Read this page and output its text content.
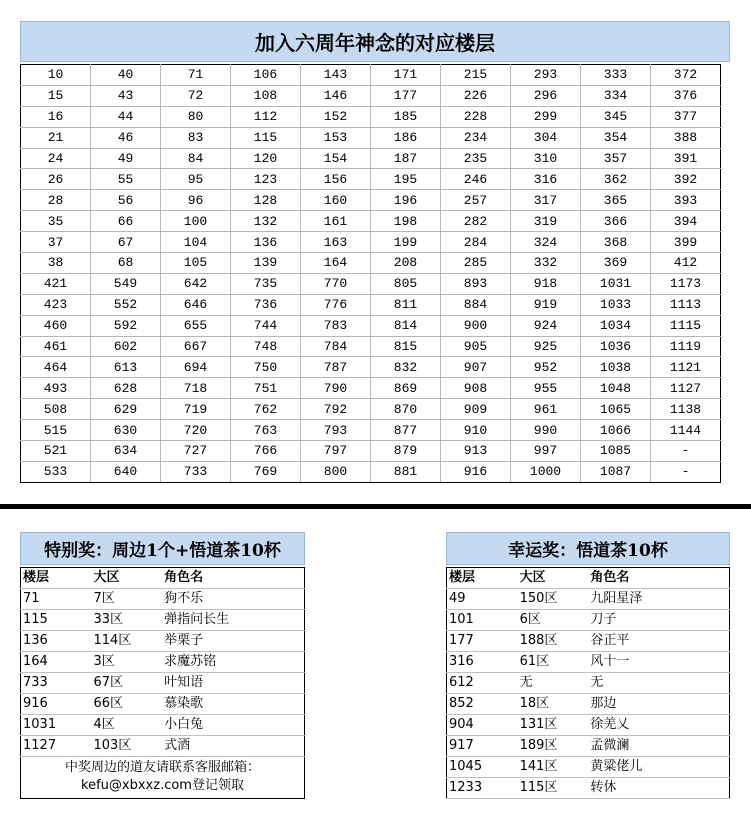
加入六周年神念的对应楼层
10	40	71	106	143	171	215	293	333	372
15	43	72	108	146	177	226	296	334	376
16	44	80	112	152	185	228	299	345	377
21	46	83	115	153	186	234	304	354	388
24	49	84	120	154	187	235	310	357	391
26	55	95	123	156	195	246	316	362	392
28	56	96	128	160	196	257	317	365	393
35	66	100	132	161	198	282	319	366	394
37	67	104	136	163	199	284	324	368	399
38	68	105	139	164	208	285	332	369	412
421	549	642	735	770	805	893	918	1031	1173
423	552	646	736	776	811	884	919	1033	1113
460	592	655	744	783	814	900	924	1034	1115
461	602	667	748	784	815	905	925	1036	1119
464	613	694	750	787	832	907	952	1038	1121
493	628	718	751	790	869	908	955	1048	1127
508	629	719	762	792	870	909	961	1065	1138
515	630	720	763	793	877	910	990	1066	1144
521	634	727	766	797	879	913	997	1085	-
533	640	733	769	800	881	916	1000	1087	-
特别奖：周边1个+悟道茶10杯
楼层	大区	角色名
71	7区	狗不乐
115	33区	弹指问长生
136	114区	举栗子
164	3区	求魔苏铭
733	67区	叶知语
916	66区	慕染歌
1031	4区	小白兔
1127	103区	式酒
中奖周边的道友请联系客服邮箱：
kefu@xbxxz.com登记领取
幸运奖：悟道茶10杯
楼层	大区	角色名
49	150区	九阳星泽
101	6区	刀子
177	188区	谷正平
316	61区	风十一
612	无	无
852	18区	那边
904	131区	徐羌乂
917	189区	孟微澜
1045	141区	黄粱佬儿
1233	115区	转休
